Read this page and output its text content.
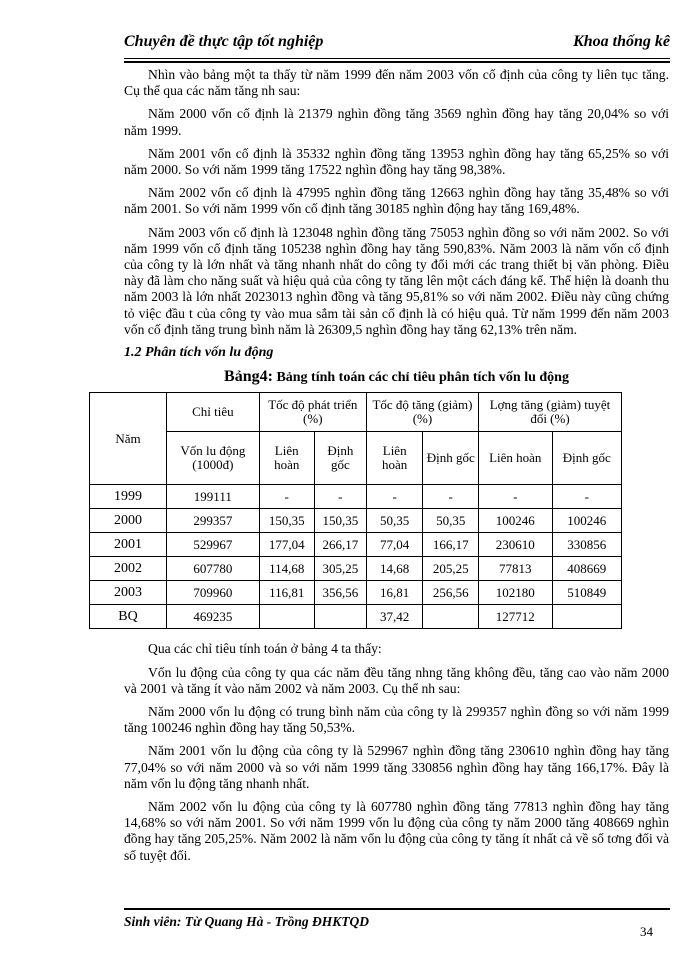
Chuyên đề thực tập tốt nghiệp	Khoa thống kê

Nhìn vào bảng một ta thấy từ năm 1999 đến năm 2003 vốn cố định của công ty liên tục tăng. Cụ thể qua các năm tăng nh sau:

Năm 2000 vốn cố định là 21379 nghìn đồng tăng 3569 nghìn đồng hay tăng 20,04% so với năm 1999.

Năm 2001 vốn cố định là 35332 nghìn đồng tăng 13953 nghìn đồng hay tăng 65,25% so với năm 2000. So với năm 1999 tăng 17522 nghìn đồng hay tăng 98,38%.

Năm 2002 vốn cố định là 47995 nghìn đồng tăng 12663 nghìn đồng hay tăng 35,48% so với năm 2001. So với năm 1999 vốn cố định tăng 30185 nghìn động hay tăng 169,48%.

Năm 2003 vốn cố định là 123048 nghìn đồng tăng 75053 nghìn đồng so với năm 2002. So với năm 1999 vốn cố định tăng 105238 nghìn đồng hay tăng 590,83%. Năm 2003 là năm vốn cố định của công ty là lớn nhất và tăng nhanh nhất do công ty đổi mới các trang thiết bị văn phòng. Điều này đã làm cho năng suất và hiệu quả của công ty tăng lên một cách đáng kể. Thể hiện là doanh thu năm 2003 là lớn nhất 2023013 nghìn đồng và tăng 95,81% so với năm 2002. Điều này cũng chứng tỏ việc đầu t của công ty vào mua sắm tài sản cố định là có hiệu quả. Từ năm 1999 đến năm 2003 vốn cố định tăng trung bình năm là 26309,5 nghìn đồng hay tăng 62,13% trên năm.

1.2 Phân tích vốn lu động
Bảng4: Bảng tính toán các chỉ tiêu phân tích vốn lu động
Năm	Chỉ tiêu	Tốc độ phát triển (%)		Tốc độ tăng (giảm) (%)		Lợng tăng (giảm) tuyệt đối (%)	
	Vốn lu động (1000đ)	Liên hoàn	Định gốc	Liên hoàn	Định gốc	Liên hoàn	Định gốc
1999	199111	-	-	-	-	-	-
2000	299357	150,35	150,35	50,35	50,35	100246	100246
2001	529967	177,04	266,17	77,04	166,17	230610	330856
2002	607780	114,68	305,25	14,68	205,25	77813	408669
2003	709960	116,81	356,56	16,81	256,56	102180	510849
BQ	469235			37,42		127712	

Qua các chỉ tiêu tính toán ở bảng 4 ta thấy:

Vốn lu động của công ty qua các năm đều tăng nhng tăng không đều, tăng cao vào năm 2000 và 2001 và tăng ít vào năm 2002 và năm 2003. Cụ thể nh sau:

Năm 2000 vốn lu động có trung bình năm của công ty là 299357 nghìn đồng so với năm 1999 tăng 100246 nghìn đồng hay tăng 50,53%.

Năm 2001 vốn lu động của công ty là 529967 nghìn đồng tăng 230610 nghìn đồng hay tăng 77,04% so với năm 2000 và so với năm 1999 tăng 330856 nghìn đồng hay tăng 166,17%. Đây là năm vốn lu động tăng nhanh nhất.

Năm 2002 vốn lu động của công ty là 607780 nghìn đồng tăng 77813 nghìn đồng hay tăng 14,68% so với năm 2001. So với năm 1999 vốn lu động của công ty năm 2000 tăng 408669 nghìn đồng hay tăng 205,25%. Năm 2002 là năm vốn lu động của công ty tăng ít nhất cả về số tơng đối và số tuyệt đối.

Sinh viên: Từ Quang Hà - Trồng ĐHKTQD
34
